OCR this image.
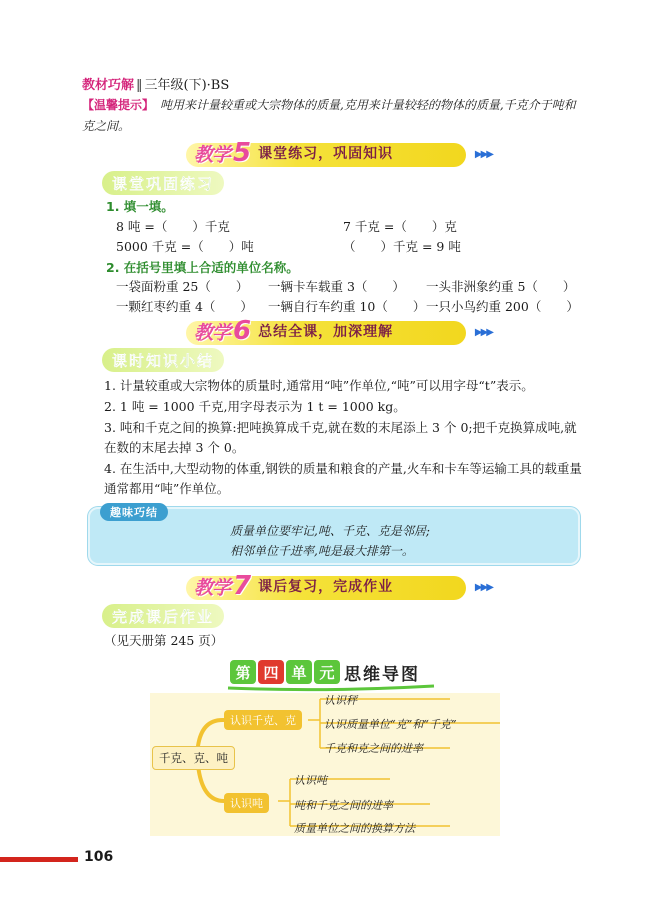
教材巧解 ‖ 三年级(下)·BS
【温馨提示】 吨用来计量较重或大宗物体的质量,克用来计量较轻的物体的质量,千克介于吨和克之间。
教学 5 课堂练习，巩固知识	▶▶▶
课堂巩固练习
1. 填一填。
8 吨 =（　　）千克	7 千克 =（　　）克
5000 千克 =（　　）吨	（　　）千克 = 9 吨
2. 在括号里填上合适的单位名称。
一袋面粉重 25（　　） 一辆卡车载重 3（　　） 一头非洲象约重 5（　　）
一颗红枣约重 4（　　） 一辆自行车约重 10（　　） 一只小鸟约重 200（　　）
教学 6 总结全课，加深理解	▶▶▶
课时知识小结
1. 计量较重或大宗物体的质量时,通常用“吨”作单位,“吨”可以用字母“t”表示。
2. 1 吨 = 1000 千克,用字母表示为 1 t = 1000 kg。
3. 吨和千克之间的换算:把吨换算成千克,就在数的末尾添上 3 个 0;把千克换算成吨,就在数的末尾去掉 3 个 0。
4. 在生活中,大型动物的体重,钢铁的质量和粮食的产量,火车和卡车等运输工具的载重量通常都用“吨”作单位。
趣味巧结
质量单位要牢记,吨、千克、克是邻居;
相邻单位千进率,吨是最大排第一。
教学 7 课后复习，完成作业	▶▶▶
完成课后作业
（见天册第 245 页）
第 四 单 元 思维导图
千克、克、吨
认识千克、克
认识吨
认识秤
认识质量单位“克”和“千克”
千克和克之间的进率
认识吨
吨和千克之间的进率
质量单位之间的换算方法
106
